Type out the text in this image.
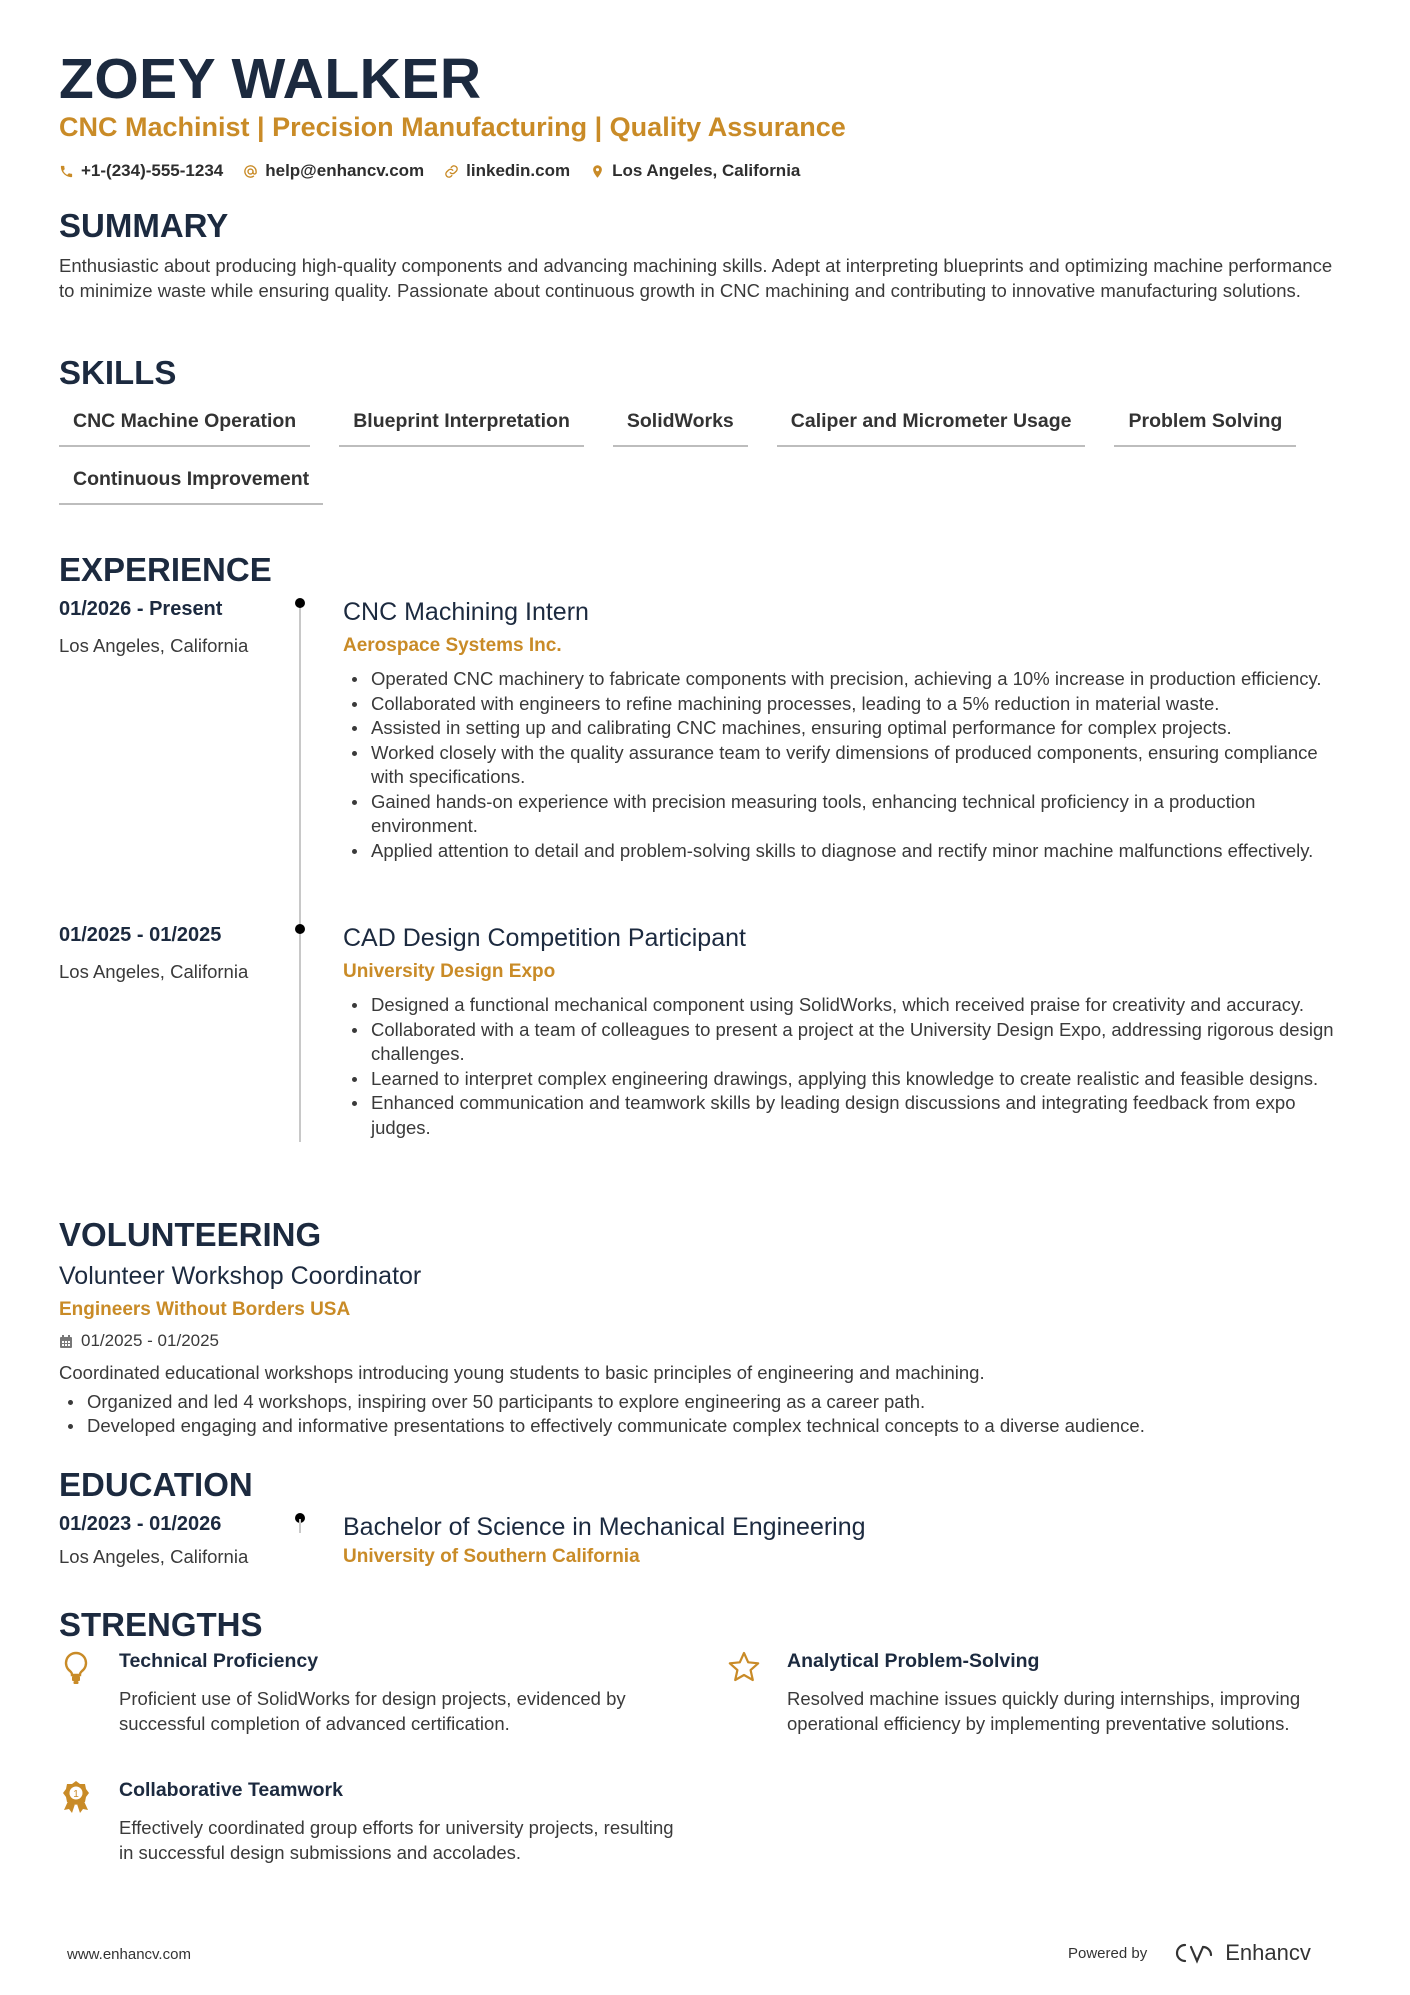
ZOEY WALKER
CNC Machinist | Precision Manufacturing | Quality Assurance
+1-(234)-555-1234 help@enhancv.com linkedin.com Los Angeles, California
SUMMARY
Enthusiastic about producing high-quality components and advancing machining skills. Adept at interpreting blueprints and optimizing machine performance to minimize waste while ensuring quality. Passionate about continuous growth in CNC machining and contributing to innovative manufacturing solutions.
SKILLS
CNC Machine Operation	Blueprint Interpretation	SolidWorks	Caliper and Micrometer Usage	Problem Solving
Continuous Improvement
EXPERIENCE
01/2026 - Present
Los Angeles, California
CNC Machining Intern
Aerospace Systems Inc.
Operated CNC machinery to fabricate components with precision, achieving a 10% increase in production efficiency.
Collaborated with engineers to refine machining processes, leading to a 5% reduction in material waste.
Assisted in setting up and calibrating CNC machines, ensuring optimal performance for complex projects.
Worked closely with the quality assurance team to verify dimensions of produced components, ensuring compliance with specifications.
Gained hands-on experience with precision measuring tools, enhancing technical proficiency in a production environment.
Applied attention to detail and problem-solving skills to diagnose and rectify minor machine malfunctions effectively.
01/2025 - 01/2025
Los Angeles, California
CAD Design Competition Participant
University Design Expo
Designed a functional mechanical component using SolidWorks, which received praise for creativity and accuracy.
Collaborated with a team of colleagues to present a project at the University Design Expo, addressing rigorous design challenges.
Learned to interpret complex engineering drawings, applying this knowledge to create realistic and feasible designs.
Enhanced communication and teamwork skills by leading design discussions and integrating feedback from expo judges.
VOLUNTEERING
Volunteer Workshop Coordinator
Engineers Without Borders USA
01/2025 - 01/2025
Coordinated educational workshops introducing young students to basic principles of engineering and machining.
Organized and led 4 workshops, inspiring over 50 participants to explore engineering as a career path.
Developed engaging and informative presentations to effectively communicate complex technical concepts to a diverse audience.
EDUCATION
01/2023 - 01/2026
Los Angeles, California
Bachelor of Science in Mechanical Engineering
University of Southern California
STRENGTHS
Technical Proficiency
Proficient use of SolidWorks for design projects, evidenced by successful completion of advanced certification.
Analytical Problem-Solving
Resolved machine issues quickly during internships, improving operational efficiency by implementing preventative solutions.
1 Collaborative Teamwork
Effectively coordinated group efforts for university projects, resulting in successful design submissions and accolades.
www.enhancv.com	Powered by	Enhancv
